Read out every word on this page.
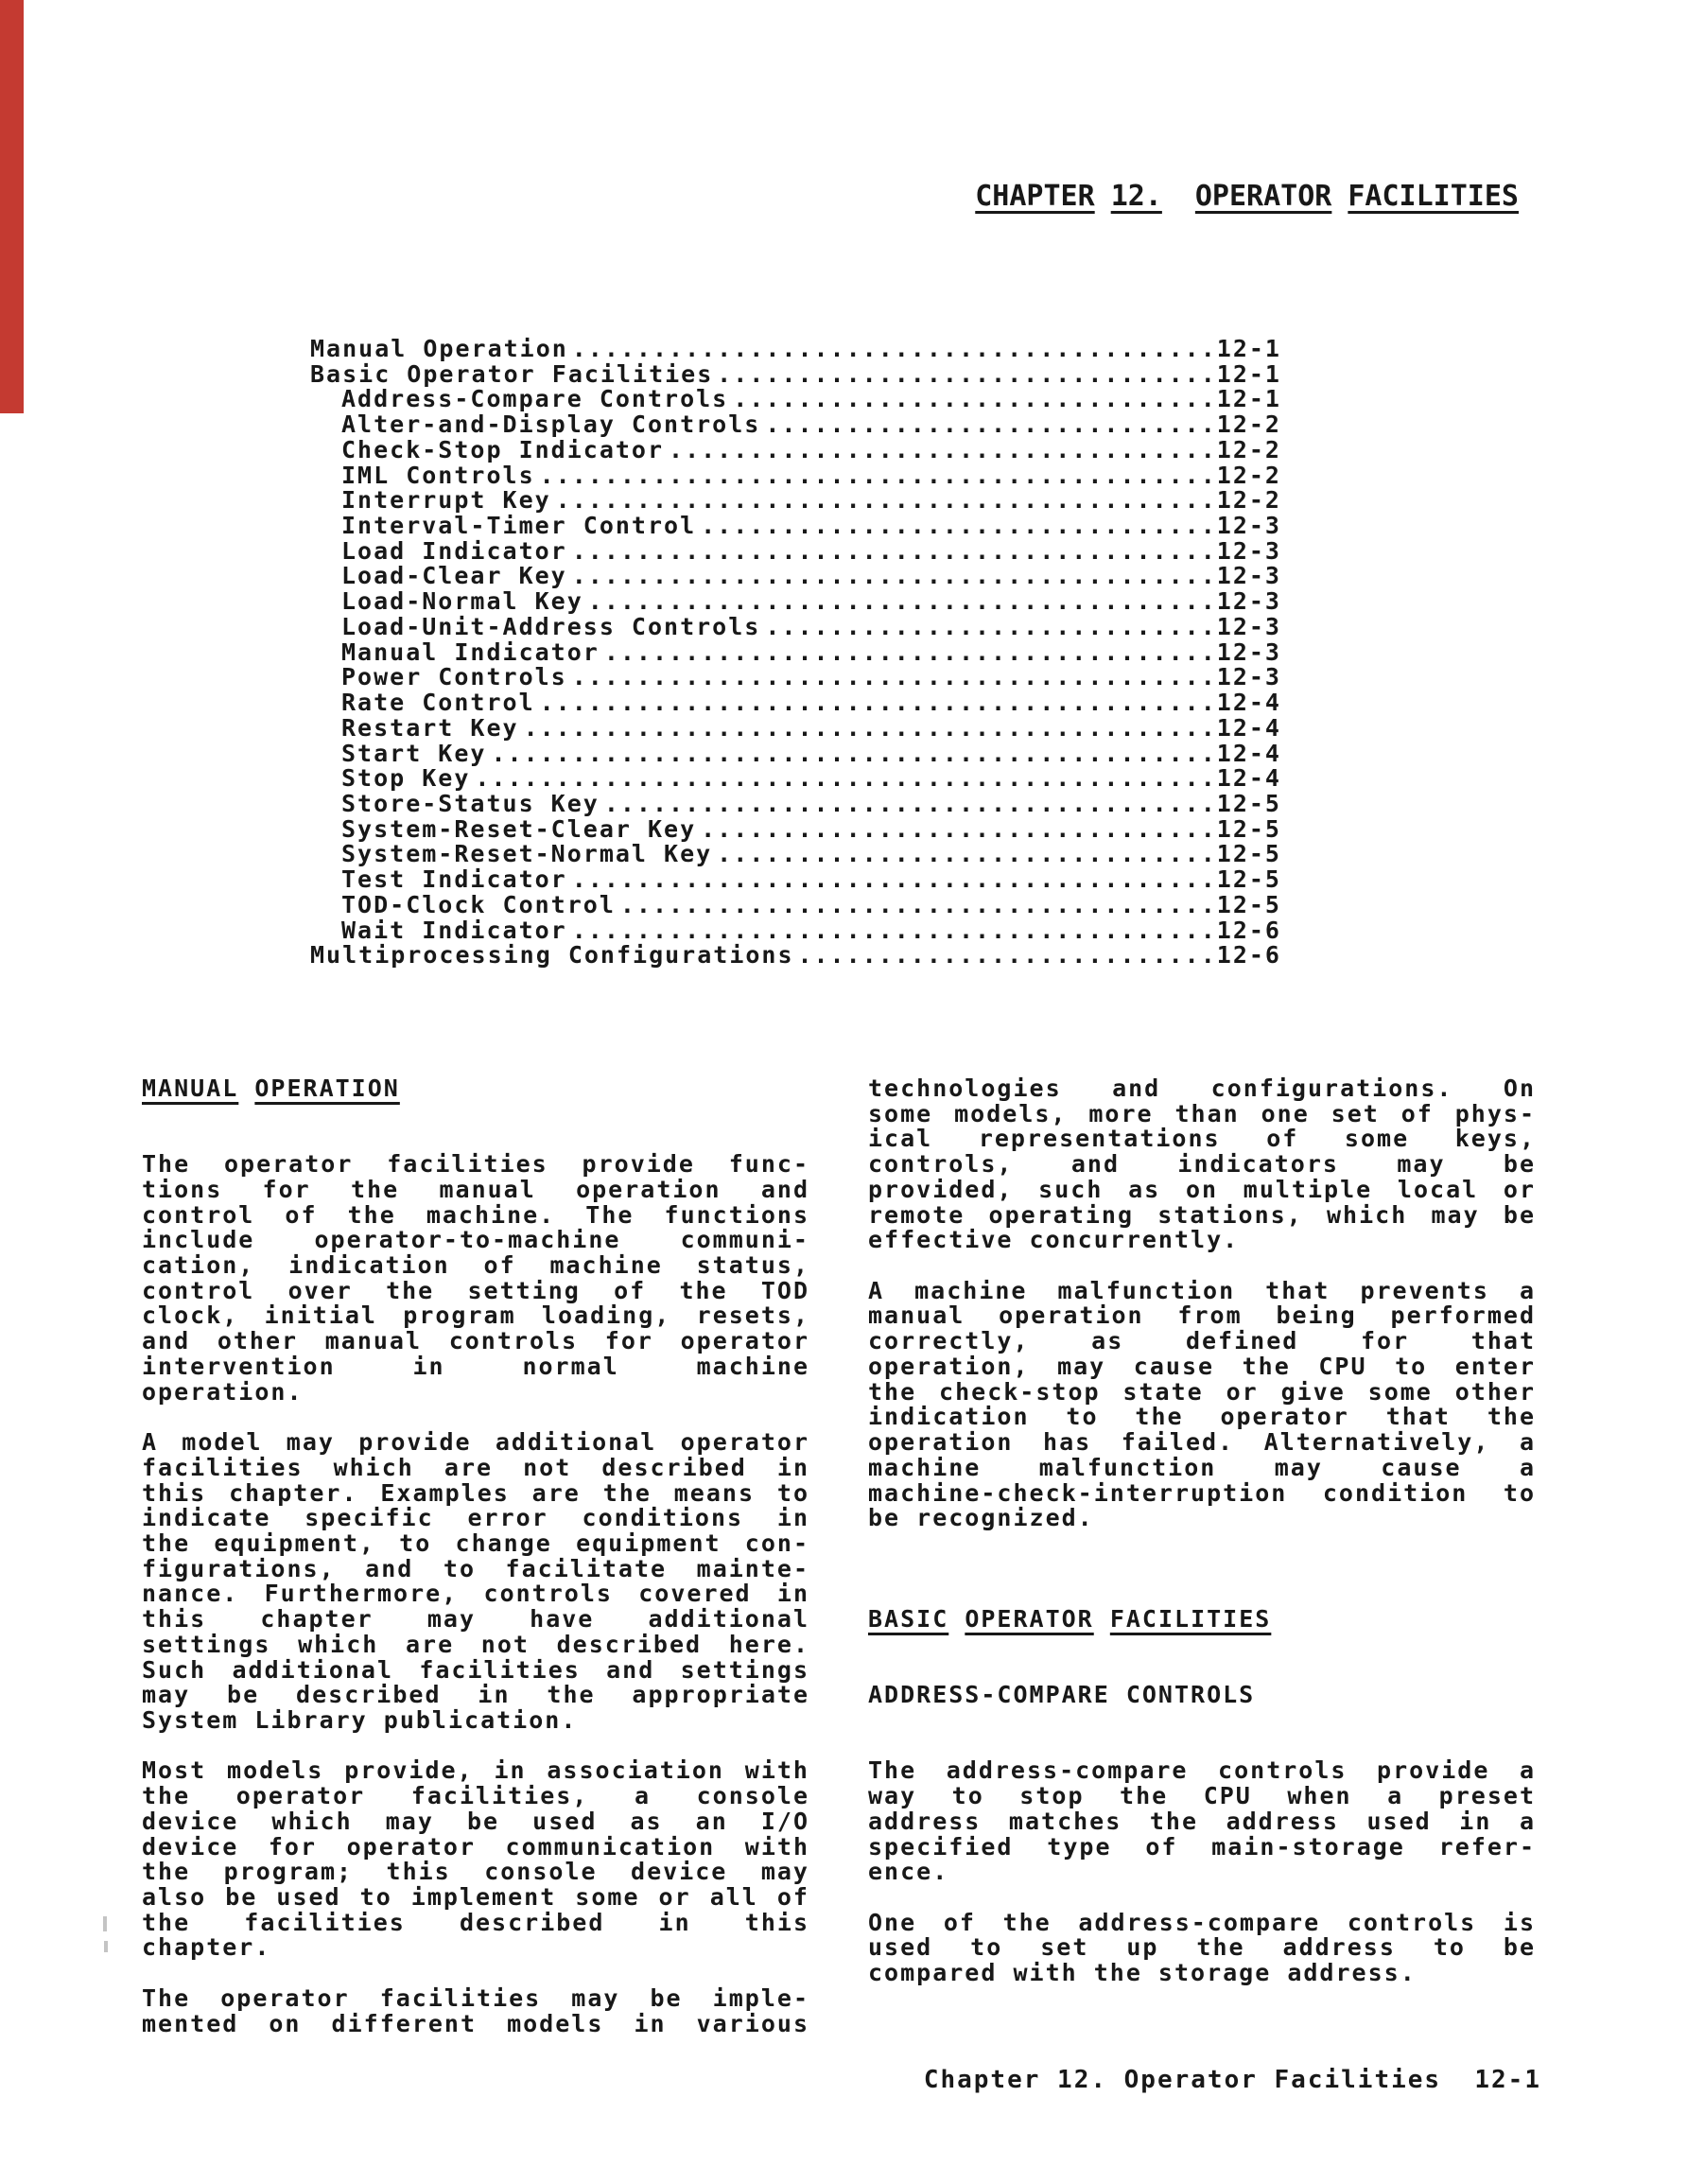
CHAPTER 12. OPERATOR FACILITIES
Manual Operation .....	12-1
Basic Operator Facilities .....	12-1
Address-Compare Controls .....	12-1
Alter-and-Display Controls .....	12-2
Check-Stop Indicator .....	12-2
IML Controls .....	12-2
Interrupt Key .....	12-2
Interval-Timer Control .....	12-3
Load Indicator .....	12-3
Load-Clear Key .....	12-3
Load-Normal Key .....	12-3
Load-Unit-Address Controls .....	12-3
Manual Indicator .....	12-3
Power Controls .....	12-3
Rate Control .....	12-4
Restart Key .....	12-4
Start Key .....	12-4
Stop Key .....	12-4
Store-Status Key .....	12-5
System-Reset-Clear Key .....	12-5
System-Reset-Normal Key .....	12-5
Test Indicator .....	12-5
TOD-Clock Control .....	12-5
Wait Indicator .....	12-6
Multiprocessing Configurations .....	12-6
MANUAL OPERATION
The operator facilities provide func-
tions for the manual operation and
control of the machine. The functions
include operator-to-machine communi-
cation, indication of machine status,
control over the setting of the TOD
clock, initial program loading, resets,
and other manual controls for operator
intervention in normal machine
operation.
A model may provide additional operator
facilities which are not described in
this chapter. Examples are the means to
indicate specific error conditions in
the equipment, to change equipment con-
figurations, and to facilitate mainte-
nance. Furthermore, controls covered in
this chapter may have additional
settings which are not described here.
Such additional facilities and settings
may be described in the appropriate
System Library publication.
Most models provide, in association with
the operator facilities, a console
device which may be used as an I/O
device for operator communication with
the program; this console device may
also be used to implement some or all of
the facilities described in this
chapter.
The operator facilities may be imple-
mented on different models in various
technologies and configurations. On
some models, more than one set of phys-
ical representations of some keys,
controls, and indicators may be
provided, such as on multiple local or
remote operating stations, which may be
effective concurrently.
A machine malfunction that prevents a
manual operation from being performed
correctly, as defined for that
operation, may cause the CPU to enter
the check-stop state or give some other
indication to the operator that the
operation has failed. Alternatively, a
machine malfunction may cause a
machine-check-interruption condition to
be recognized.
BASIC OPERATOR FACILITIES
ADDRESS-COMPARE CONTROLS
The address-compare controls provide a
way to stop the CPU when a preset
address matches the address used in a
specified type of main-storage refer-
ence.
One of the address-compare controls is
used to set up the address to be
compared with the storage address.
Chapter 12. Operator Facilities  12-1
